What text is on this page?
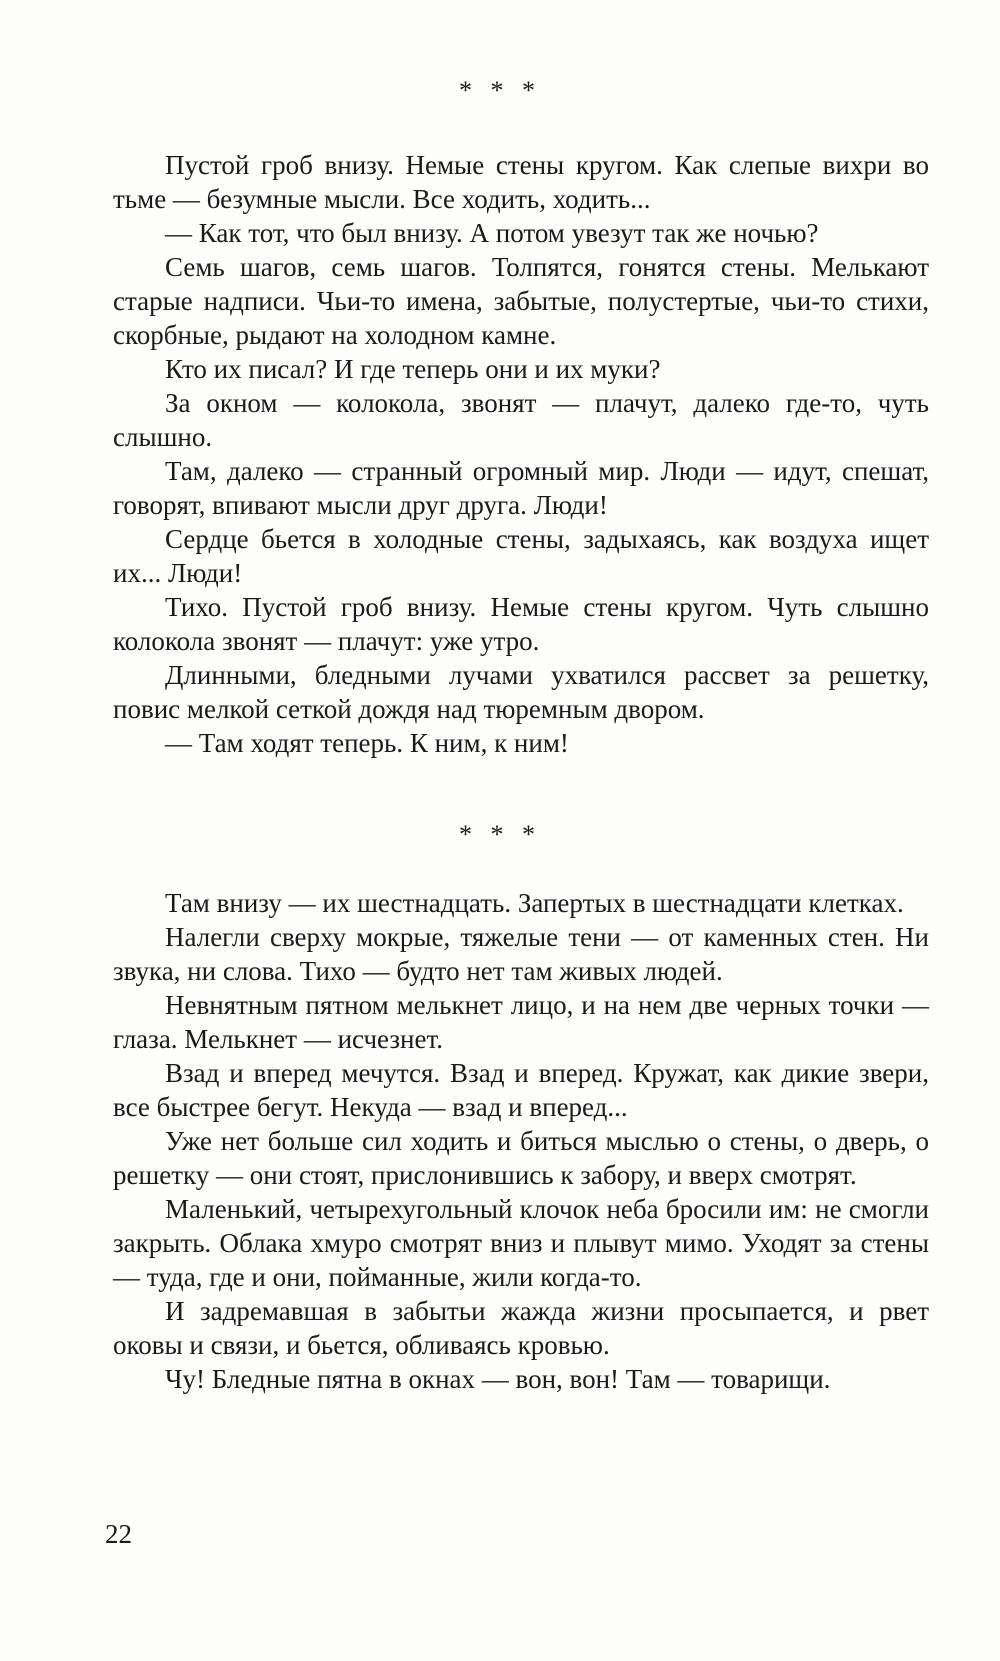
* * *

Пустой гроб внизу. Немые стены кругом. Как слепые вихри во тьме — безумные мысли. Все ходить, ходить...

— Как тот, что был внизу. А потом увезут так же ночью?

Семь шагов, семь шагов. Толпятся, гонятся стены. Мелькают старые надписи. Чьи-то имена, забытые, полустертые, чьи-то стихи, скорбные, рыдают на холодном камне.

Кто их писал? И где теперь они и их муки?

За окном — колокола, звонят — плачут, далеко где-то, чуть слышно.

Там, далеко — странный огромный мир. Люди — идут, спешат, говорят, впивают мысли друг друга. Люди!

Сердце бьется в холодные стены, задыхаясь, как воздуха ищет их... Люди!

Тихо. Пустой гроб внизу. Немые стены кругом. Чуть слышно колокола звонят — плачут: уже утро.

Длинными, бледными лучами ухватился рассвет за решетку, повис мелкой сеткой дождя над тюремным двором.

— Там ходят теперь. К ним, к ним!

* * *

Там внизу — их шестнадцать. Запертых в шестнадцати клетках.

Налегли сверху мокрые, тяжелые тени — от каменных стен. Ни звука, ни слова. Тихо — будто нет там живых людей.

Невнятным пятном мелькнет лицо, и на нем две черных точки — глаза. Мелькнет — исчезнет.

Взад и вперед мечутся. Взад и вперед. Кружат, как дикие звери, все быстрее бегут. Некуда — взад и вперед...

Уже нет больше сил ходить и биться мыслью о стены, о дверь, о решетку — они стоят, прислонившись к забору, и вверх смотрят.

Маленький, четырехугольный клочок неба бросили им: не смогли закрыть. Облака хмуро смотрят вниз и плывут мимо. Уходят за стены — туда, где и они, пойманные, жили когда-то.

И задремавшая в забытьи жажда жизни просыпается, и рвет оковы и связи, и бьется, обливаясь кровью.

Чу! Бледные пятна в окнах — вон, вон! Там — товарищи.

22
